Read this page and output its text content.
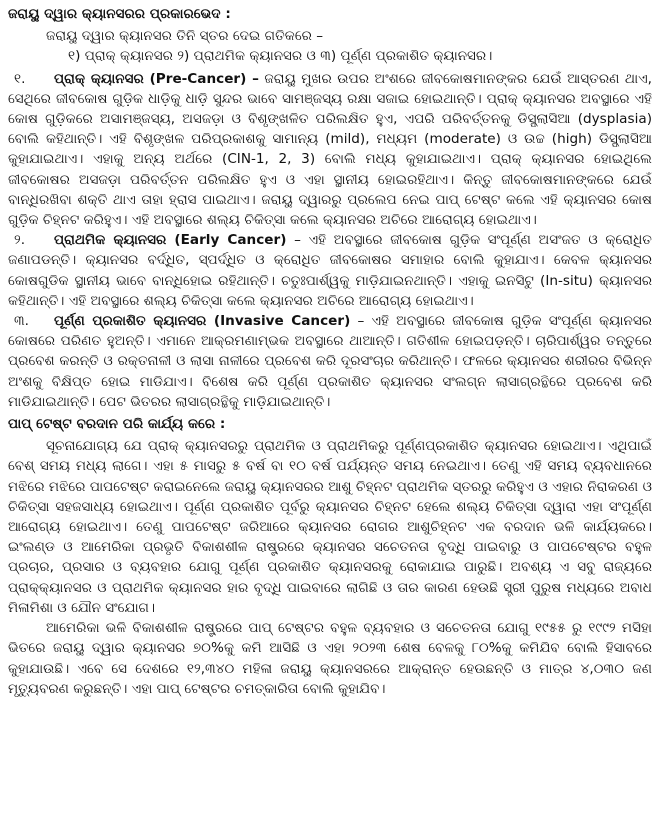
ଜରାୟୁ ଦ୍ୱାର କ୍ୟାନସରର ପ୍ରକାରଭେଦ :

ଜରାୟୁ ଦ୍ୱାର କ୍ୟାନସର ତିନି ସ୍ତର ଦେଇ ଗତିକରେ –

୧) ପ୍ରାକ୍ କ୍ୟାନସର ୨) ପ୍ରାଥମିକ କ୍ୟାନସର ଓ ୩) ପୂର୍ଣ୍ଣ ପ୍ରକାଶିତ କ୍ୟାନସର।

୧. ପ୍ରାକ୍ କ୍ୟାନସର (Pre-Cancer) – ଜରାୟୁ ମୁଖର ଉପର ଅଂଶରେ ଜୀବକୋଷମାନଙ୍କର ଯେଉଁ ଆସ୍ତରଣ ଥାଏ, ସେଥିରେ ଜୀବକୋଷ ଗୁଡ଼ିକ ଧାଡ଼ିକୁ ଧାଡ଼ି ସୁନ୍ଦର ଭାବେ ସାମଞ୍ଜସ୍ୟ ରକ୍ଷା ସଜାଇ ହୋଇଥାନ୍ତି। ପ୍ରାକ୍ କ୍ୟାନସର ଅବସ୍ଥାରେ ଏହି କୋଷ ଗୁଡ଼ିକରେ ଅସାମଞ୍ଜସ୍ୟ, ଅସଜଡ଼ା ଓ ବିଶୃଙ୍ଖଳିତ ପରିଲକ୍ଷିତ ହୁଏ, ଏପରି ପରିବର୍ତ୍ତନକୁ ଡିସ୍ପ୍ଲାସିଆ (dysplasia) ବୋଲି କହିଥାନ୍ତି। ଏହି ବିଶୃଙ୍ଖଳ ପରିପ୍ରକାଶକୁ ସାମାନ୍ୟ (mild), ମଧ୍ୟମ (moderate) ଓ ଉଚ୍ଚ (high) ଡିସ୍ପ୍ଲାସିଆ କୁହାଯାଇଥାଏ। ଏହାକୁ ଅନ୍ୟ ଅର୍ଥରେ (CIN-1, 2, 3) ବୋଲି ମଧ୍ୟ କୁହାଯାଇଥାଏ। ପ୍ରାକ୍ କ୍ୟାନସର ହୋଇଥିଲେ ଜୀବକୋଷର ଅସଜଡ଼ା ପରିବର୍ତ୍ତନ ପରିଲକ୍ଷିତ ହୁଏ ଓ ଏହା ସ୍ଥାନୀୟ ହୋଇରହିଥାଏ। କିନ୍ତୁ ଜୀବକୋଷମାନଙ୍କରେ ଯେଉଁ ବାନ୍ଧିରଖିବା ଶକ୍ତି ଥାଏ ତାହା ହ୍ରାସ ପାଇଥାଏ। ଜରାୟୁ ଦ୍ୱାରରୁ ପ୍ରଲେପ ନେଇ ପାପ୍ ଟେଷ୍ଟ କଲେ ଏହି କ୍ୟାନସର କୋଷ ଗୁଡ଼ିକ ଚିହ୍ନଟ କରିହୁଏ। ଏହି ଅବସ୍ଥାରେ ଶଲ୍ୟ ଚିକିତ୍ସା କଲେ କ୍ୟାନସର ଅଚିରେ ଆରୋଗ୍ୟ ହୋଇଥାଏ।

୨. ପ୍ରାଥମିକ କ୍ୟାନସର (Early Cancer) – ଏହି ଅବସ୍ଥାରେ ଜୀବକୋଷ ଗୁଡ଼ିକ ସଂପୂର୍ଣ୍ଣ ଅସଂଜତ ଓ କ୍ରୋଧିତ ଜଣାପଡନ୍ତି। କ୍ୟାନସର ବର୍ଦ୍ଧିତ, ସ୍ପର୍ଦ୍ଧିତ ଓ କ୍ରୋଧିତ ଜୀବକୋଷର ସମାହାର ବୋଲି କୁହାଯାଏ। କେବଳ କ୍ୟାନସର କୋଷଗୁଡିକ ସ୍ଥାନୀୟ ଭାବେ ବାନ୍ଧିହୋଇ ରହିଥାନ୍ତି। ଚତୁଃପାର୍ଶ୍ୱକୁ ମାଡ଼ିଯାଇନଥାନ୍ତି। ଏହାକୁ ଇନସିଟୁ (In-situ) କ୍ୟାନସର କହିଥାନ୍ତି। ଏହି ଅବସ୍ଥାରେ ଶଲ୍ୟ ଚିକିତ୍ସା କଲେ କ୍ୟାନସର ଅଚିରେ ଆରୋଗ୍ୟ ହୋଇଥାଏ।

୩. ପୂର୍ଣ୍ଣ ପ୍ରକାଶିତ କ୍ୟାନସର (Invasive Cancer) – ଏହି ଅବସ୍ଥାରେ ଜୀବକୋଷ ଗୁଡ଼ିକ ସଂପୂର୍ଣ୍ଣ କ୍ୟାନସର କୋଷରେ ପରିଣତ ହୁଅନ୍ତି। ଏମାନେ ଆକ୍ରମଣାମ୍ଭକ ଅବସ୍ଥାରେ ଥାଆନ୍ତି। ଗତିଶୀଳ ହୋଇପଡ଼ନ୍ତି। ଚାରିପାର୍ଶ୍ୱର ତନ୍ତୁରେ ପ୍ରବେଶ କରନ୍ତି ଓ ରକ୍ତନାଳୀ ଓ ଲାସା ନାଳୀରେ ପ୍ରବେଶ କରି ଦୂରସଂଚାର କରିଥାନ୍ତି। ଫଳରେ କ୍ୟାନସର ଶରୀରର ବିଭିନ୍ନ ଅଂଶକୁ ବିକ୍ଷିପ୍ତ ହୋଇ ମାଡିଯାଏ। ବିଶେଷ କରି ପୂର୍ଣ୍ଣ ପ୍ରକାଶିତ କ୍ୟାନସର ସଂଲଗ୍ନ ଲାସାଗ୍ରନ୍ଥିରେ ପ୍ରବେଶ କରି ମାଡିଯାଇଥାନ୍ତି। ପେଟ ଭିତରର ଲାସାଗ୍ରନ୍ଥିକୁ ମାଡ଼ିଯାଇଥାନ୍ତି।

ପାପ୍ ଟେଷ୍ଟ ବରଦାନ ପରି କାର୍ଯ୍ୟ କରେ :

ସୂଚନାଯୋଗ୍ୟ ଯେ ପ୍ରାକ୍ କ୍ୟାନସରରୁ ପ୍ରାଥମିକ ଓ ପ୍ରାଥମିକରୁ ପୂର୍ଣ୍ଣପ୍ରକାଶିତ କ୍ୟାନସର ହୋଇଥାଏ। ଏଥିପାଇଁ ବେଶ୍ ସମୟ ମଧ୍ୟ ଲାଗେ। ଏହା ୫ ମାସରୁ ୫ ବର୍ଷ ବା ୧୦ ବର୍ଷ ପର୍ଯ୍ୟନ୍ତ ସମୟ ନେଇଥାଏ। ତେଣୁ ଏହି ସମୟ ବ୍ୟବଧାନରେ ମଝିରେ ମଝିରେ ପାପଟେଷ୍ଟ କରାଇନେଲେ ଜରାୟୁ କ୍ୟାନସରର ଆଶୁ ଚିହ୍ନଟ ପ୍ରାଥମିକ ସ୍ତରରୁ କରିହୁଏ ଓ ଏହାର ନିରାକରଣ ଓ ଚିକିତ୍ସା ସହଜସାଧ୍ୟ ହୋଇଥାଏ। ପୂର୍ଣ୍ଣ ପ୍ରକାଶିତ ପୂର୍ବରୁ କ୍ୟାନସର ଚିହ୍ନଟ ହେଲେ ଶଲ୍ୟ ଚିକିତ୍ସା ଦ୍ୱାରା ଏହା ସଂପୂର୍ଣ୍ଣ ଆରୋଗ୍ୟ ହୋଇଥାଏ। ତେଣୁ ପାପଟେଷ୍ଟ ଜରିଆରେ କ୍ୟାନସର ରୋଗର ଆଶୁଚିହ୍ନଟ ଏକ ବରଦାନ ଭଳି କାର୍ଯ୍ୟକରେ। ଇଂଲଣ୍ଡ ଓ ଆମେରିକା ପ୍ରଭୃତି ବିକାଶଶୀଳ ରାଷ୍ଟ୍ରରେ କ୍ୟାନସର ସଚେତନତା ବୃଦ୍ଧି ପାଇବାରୁ ଓ ପାପଟେଷ୍ଟର ବହୁଳ ପ୍ରଚାର, ପ୍ରସାର ଓ ବ୍ୟବହାର ଯୋଗୁ ପୂର୍ଣ୍ଣ ପ୍ରକାଶିତ କ୍ୟାନସରକୁ ରୋକାଯାଇ ପାରୁଛି। ଅବଶ୍ୟ ଏ ସବୁ ରାଜ୍ୟରେ ପ୍ରାକ୍କ୍ୟାନସର ଓ ପ୍ରାଥମିକ କ୍ୟାନସର ହାର ବୃଦ୍ଧି ପାଇବାରେ ଲାଗିଛି ଓ ତାର କାରଣ ହେଉଛି ସ୍ତ୍ରୀ ପୁରୁଷ ମଧ୍ୟରେ ଅବାଧ ମିଳାମିଶା ଓ ଯୌନ ସଂଯୋଗ।

ଆମେରିକା ଭଳି ବିକାଶଶୀଳ ରାଷ୍ଟ୍ରରେ ପାପ୍ ଟେଷ୍ଟର ବହୁଳ ବ୍ୟବହାର ଓ ସଚେତନତା ଯୋଗୁ ୧୯୫୫ ରୁ ୧୯୯୨ ମସିହା ଭିତରେ ଜରାୟୁ ଦ୍ୱାର କ୍ୟାନସର ୭୦%କୁ କମି ଆସିଛି ଓ ଏହା ୨୦୨୩ ଶେଷ ବେଳକୁ ୮୦%କୁ କମିଯିବ ବୋଲି ହିସାବରେ କୁହାଯାଉଛି। ଏବେ ସେ ଦେଶରେ ୧୨,୩୪୦ ମହିଳା ଜରାୟୁ କ୍ୟାନସରରେ ଆକ୍ରାନ୍ତ ହେଉଛନ୍ତି ଓ ମାତ୍ର ୪,୦୩୦ ଜଣ ମୃତ୍ୟୁବରଣ କରୁଛନ୍ତି। ଏହା ପାପ୍ ଟେଷ୍ଟର ଚମତ୍କାରିତା ବୋଲି କୁହାଯିବ।
